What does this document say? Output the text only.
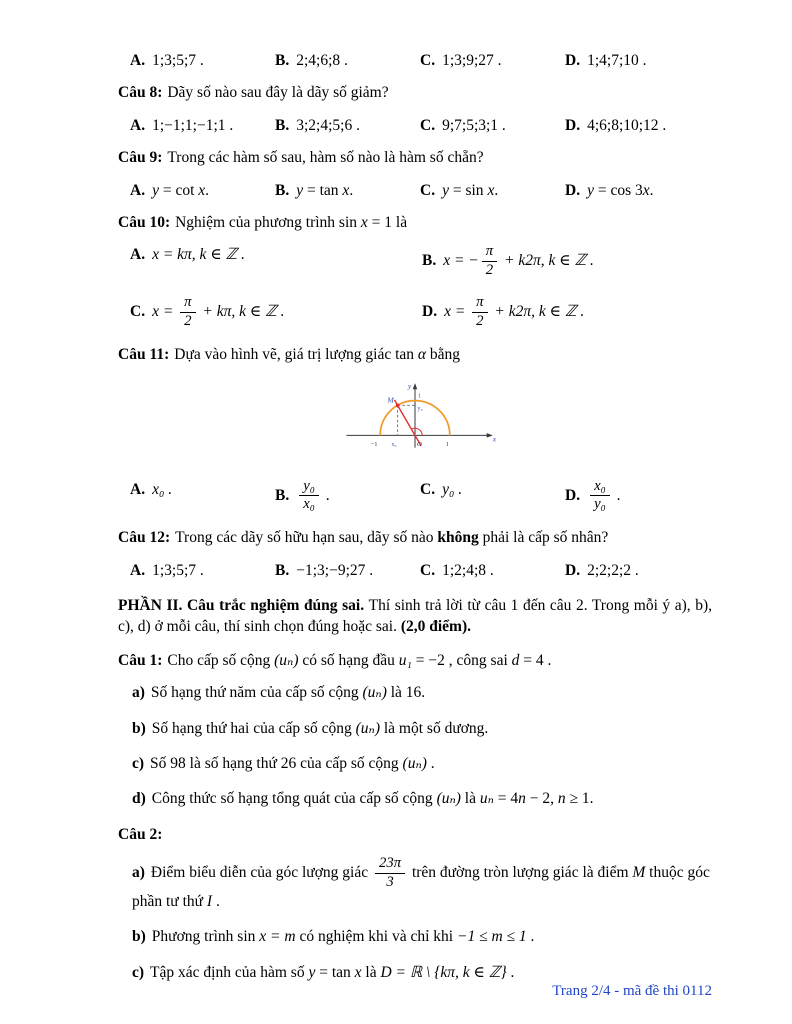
A. 1;3;5;7 .	B. 2;4;6;8 .	C. 1;3;9;27 .	D. 1;4;7;10 .

Câu 8: Dãy số nào sau đây là dãy số giảm?

A. 1;−1;1;−1;1 .	B. 3;2;4;5;6 .	C. 9;7;5;3;1 .	D. 4;6;8;10;12 .

Câu 9: Trong các hàm số sau, hàm số nào là hàm số chẵn?

A. y = cot x.	B. y = tan x.	C. y = sin x.	D. y = cos 3x.

Câu 10: Nghiệm của phương trình sin x = 1 là

A. x = kπ, k ∈ ℤ .	B. x = − $\frac{\pi}{2} + k2\pi$, k ∈ ℤ .
C. $x = \frac{\pi}{2} + k\pi$, k ∈ ℤ .	D. $x = \frac{\pi}{2} + k2\pi$, k ∈ ℤ .

Câu 11: Dựa vào hình vẽ, giá trị lượng giác tan α bằng

y
1
y₀
M
−1 x₀	O	1
x
A. x₀ .	B. $\frac{\text{y₀}}{\text{x₀}}$ .	C. y₀ .	D. $\frac{\text{x₀}}{\text{y₀}}$ .

Câu 12: Trong các dãy số hữu hạn sau, dãy số nào không phải là cấp số nhân?

A. 1;3;5;7 .	B. −1;3;−9;27 .	C. 1;2;4;8 .	D. 2;2;2;2 .

PHẦN II. Câu trắc nghiệm đúng sai. Thí sinh trả lời từ câu 1 đến câu 2. Trong mỗi ý a), b), c), d) ở mỗi câu, thí sinh chọn đúng hoặc sai. (2,0 điểm).

Câu 1: Cho cấp số cộng (uₙ) có số hạng đầu u₁ = −2 , công sai d = 4 .

a) Số hạng thứ năm của cấp số cộng (uₙ) là 16.

b) Số hạng thứ hai của cấp số cộng (uₙ) là một số dương.

c) Số 98 là số hạng thứ 26 của cấp số cộng (uₙ) .

d) Công thức số hạng tổng quát của cấp số cộng (uₙ) là uₙ = 4n − 2, n ≥ 1.

Câu 2:

a) Điểm biểu diễn của góc lượng giác $\frac{23\pi}{3}$ trên đường tròn lượng giác là điểm M thuộc góc phần tư thứ I .

b) Phương trình sin x = m có nghiệm khi và chỉ khi −1 ≤ m ≤ 1 .

c) Tập xác định của hàm số y = tan x là D = ℝ \ {kπ, k ∈ ℤ} .

Trang 2/4 - mã đề thi 0112
